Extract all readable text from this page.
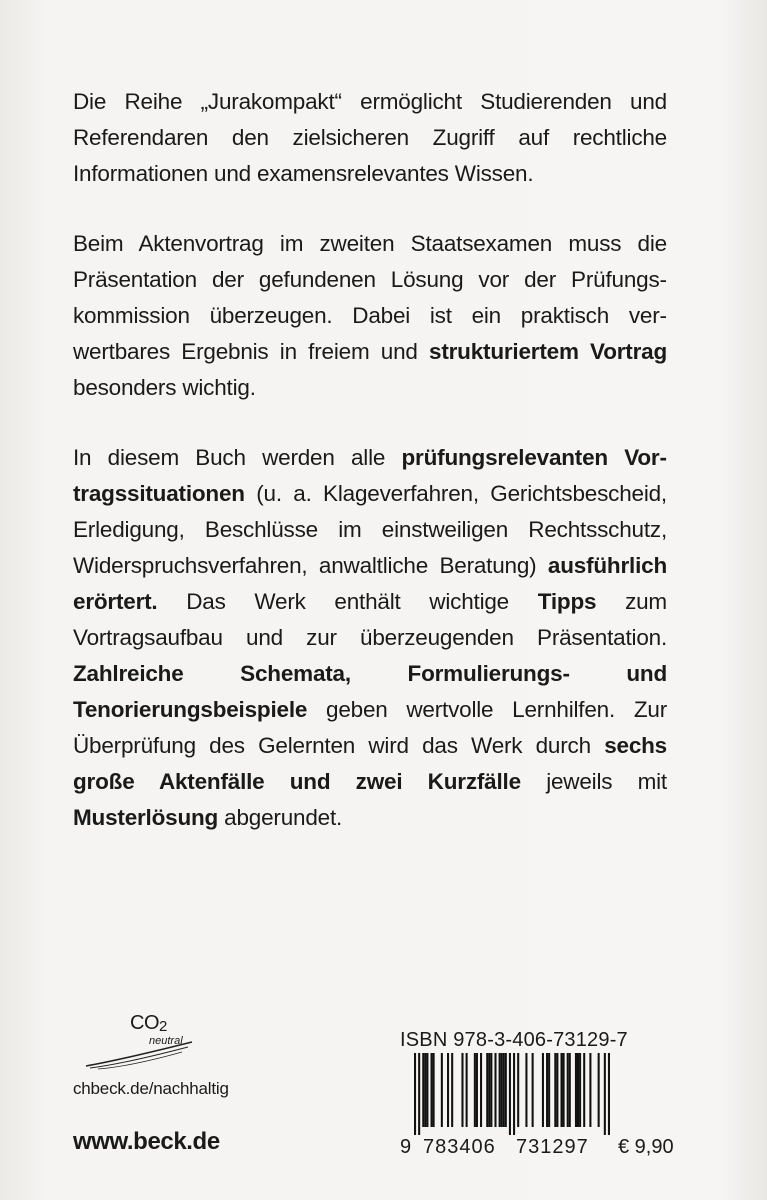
Die Reihe „Jurakompakt“ ermöglicht Studierenden und Referendaren den zielsicheren Zugriff auf rechtliche Informationen und examensrelevantes Wissen.

Beim Aktenvortrag im zweiten Staatsexamen muss die Präsentation der gefundenen Lösung vor der Prüfungskommission überzeugen. Dabei ist ein praktisch verwertbares Ergebnis in freiem und strukturiertem Vortrag besonders wichtig.

In diesem Buch werden alle prüfungsrelevanten Vortragssituationen (u. a. Klageverfahren, Gerichtsbescheid, Erledigung, Beschlüsse im einstweiligen Rechtsschutz, Widerspruchsverfahren, anwaltliche Beratung) ausführlich erörtert. Das Werk enthält wichtige Tipps zum Vortragsaufbau und zur überzeugenden Präsentation. Zahlreiche Schemata, Formulierungs- und Tenorierungsbeispiele geben wertvolle Lernhilfen. Zur Überprüfung des Gelernten wird das Werk durch sechs große Aktenfälle und zwei Kurzfälle jeweils mit Musterlösung abgerundet.

$CO_2$
neutral
chbeck.de/nachhaltig
www.beck.de
ISBN 978-3-406-73129-7
9 783406 731297 € 9,90
